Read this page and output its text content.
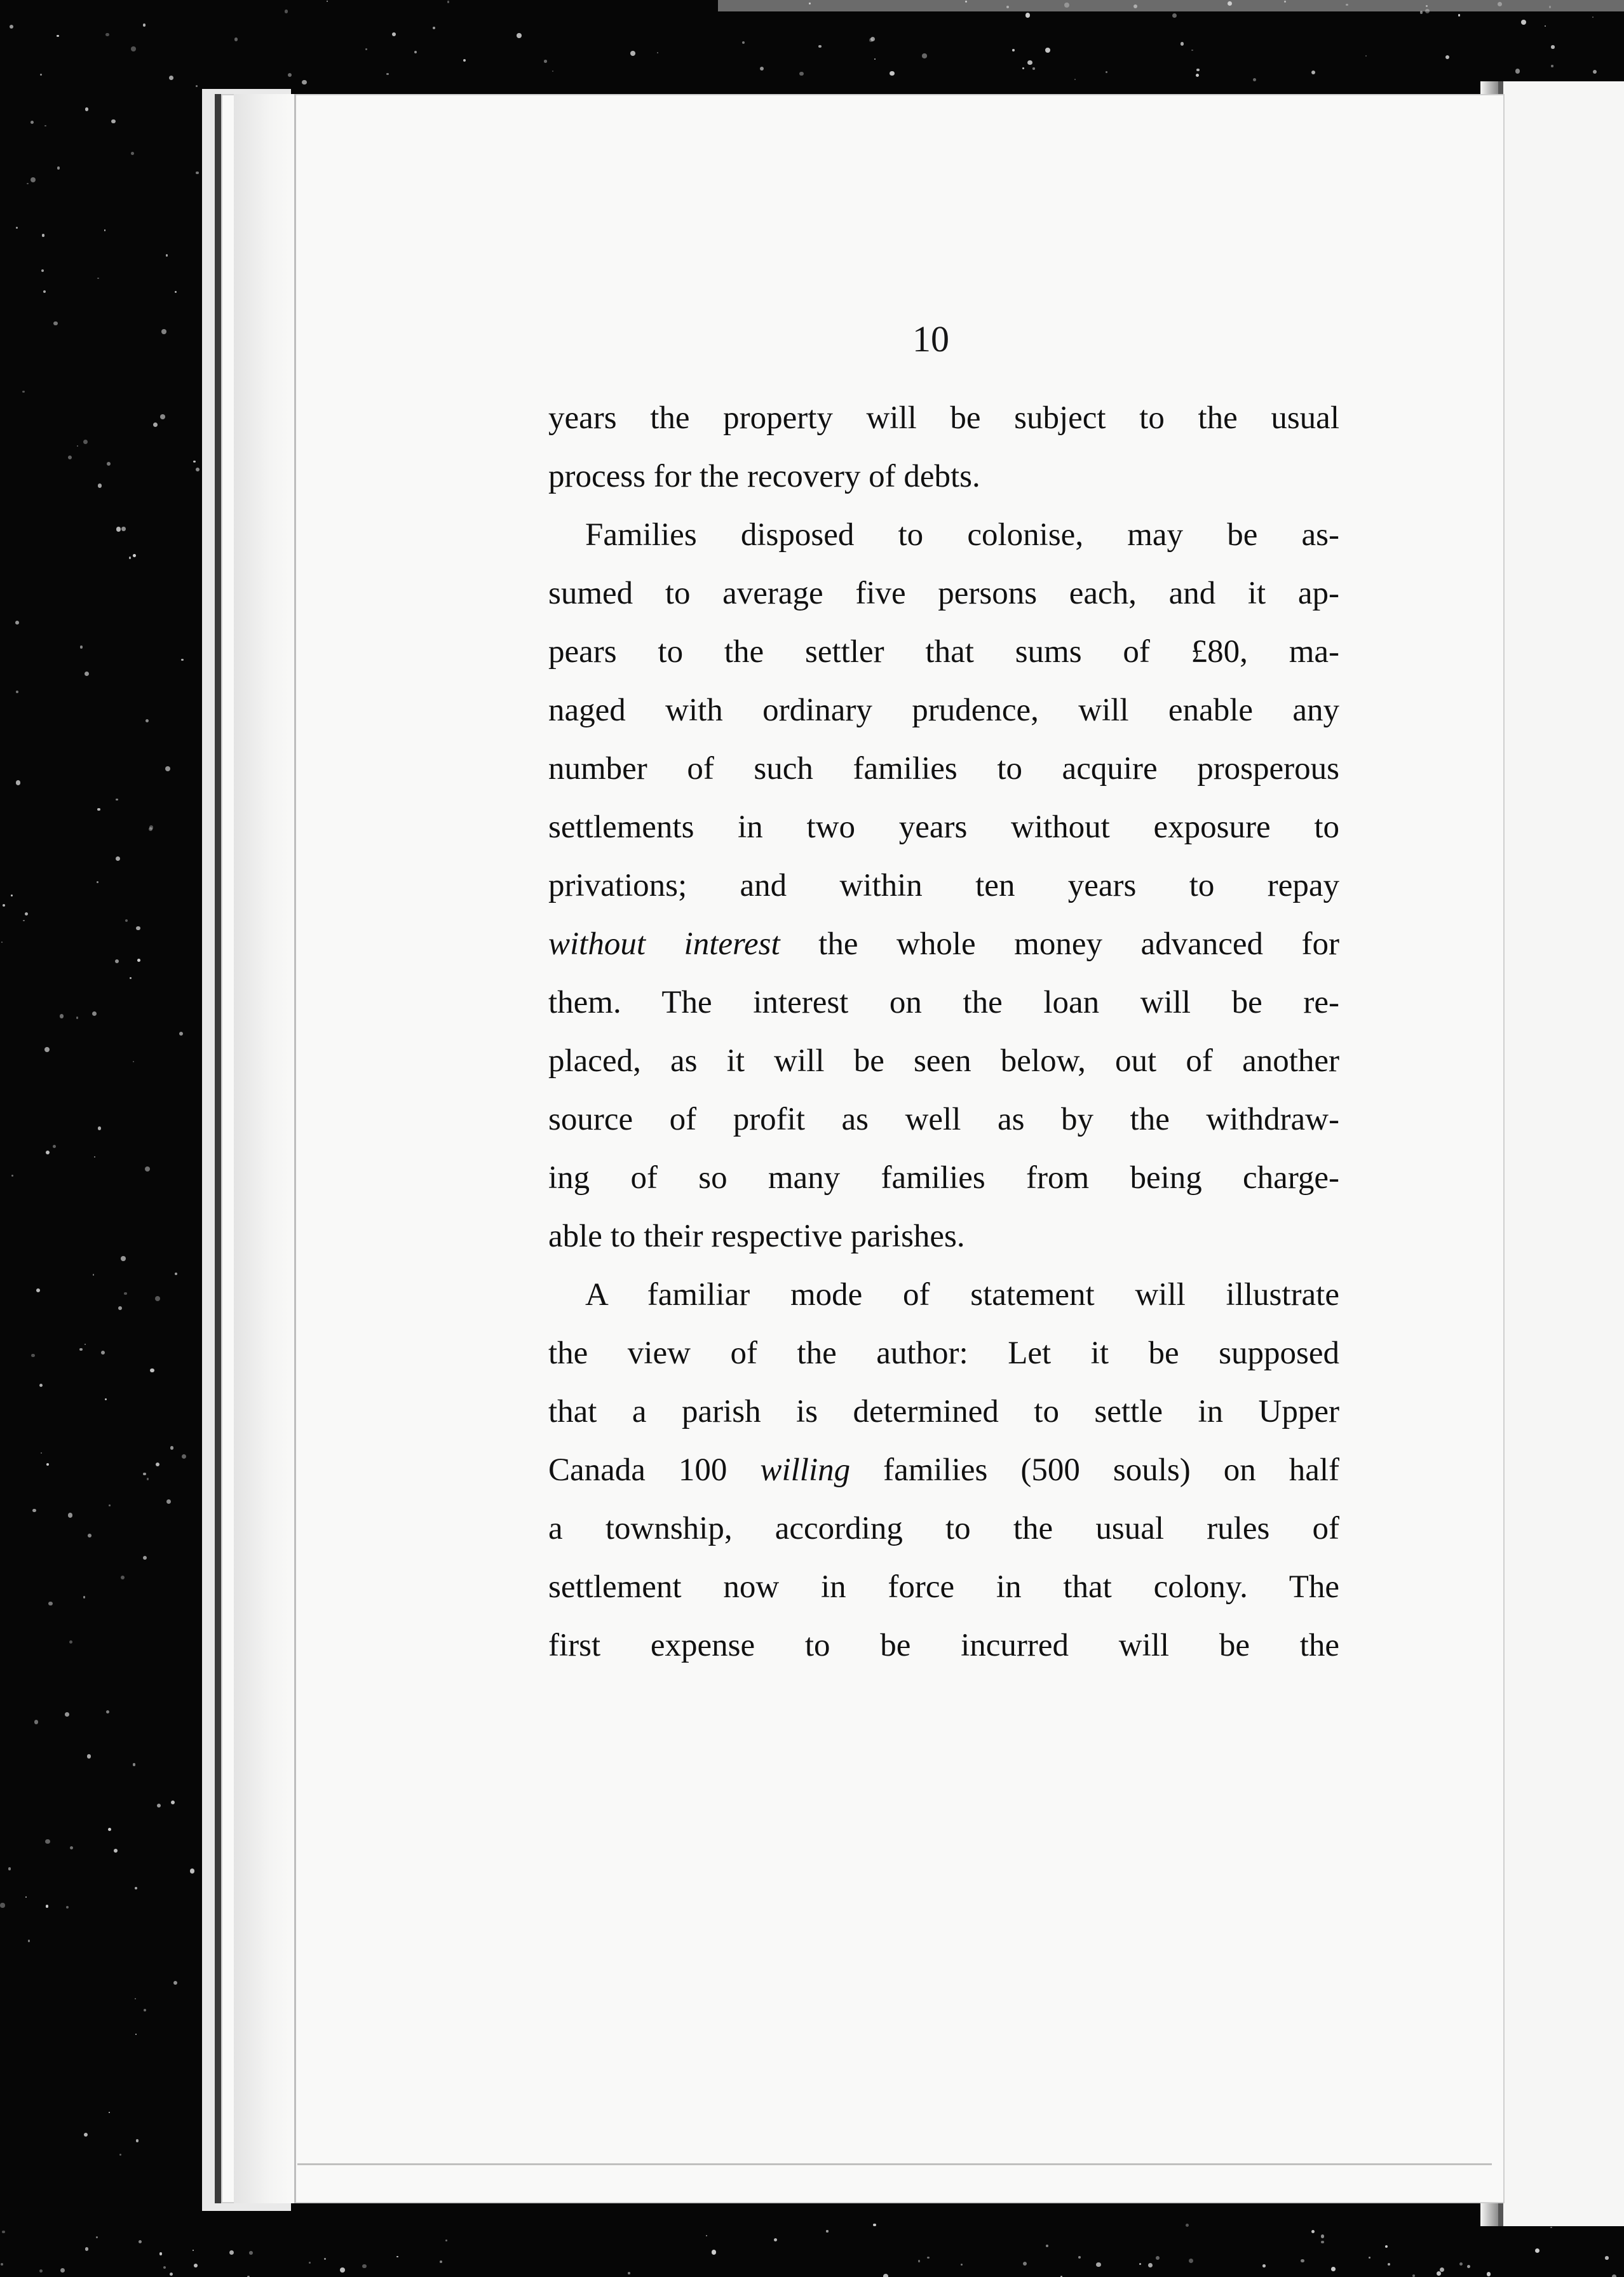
10
years the property will be subject to the usual
process for the recovery of debts.
Families disposed to colonise, may be as-
sumed to average five persons each, and it ap-
pears to the settler that sums of £80, ma-
naged with ordinary prudence, will enable any
number of such families to acquire prosperous
settlements in two years without exposure to
privations; and within ten years to repay
without interest the whole money advanced for
them. The interest on the loan will be re-
placed, as it will be seen below, out of another
source of profit as well as by the withdraw-
ing of so many families from being charge-
able to their respective parishes.
A familiar mode of statement will illustrate
the view of the author: Let it be supposed
that a parish is determined to settle in Upper
Canada 100 willing families (500 souls) on half
a township, according to the usual rules of
settlement now in force in that colony. The
first expense to be incurred will be the
